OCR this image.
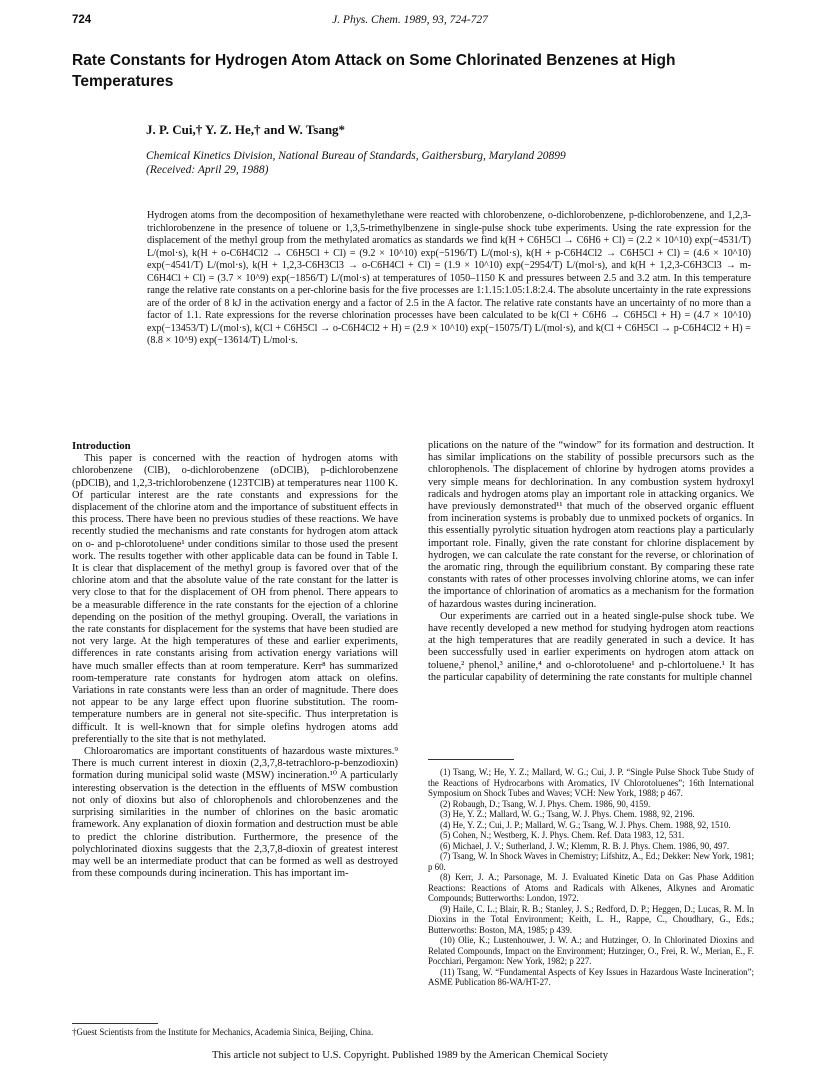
724	J. Phys. Chem. 1989, 93, 724-727
Rate Constants for Hydrogen Atom Attack on Some Chlorinated Benzenes at High Temperatures
J. P. Cui,† Y. Z. He,† and W. Tsang*
Chemical Kinetics Division, National Bureau of Standards, Gaithersburg, Maryland 20899
(Received: April 29, 1988)

Hydrogen atoms from the decomposition of hexamethylethane were reacted with chlorobenzene, o-dichlorobenzene, p-dichlorobenzene, and 1,2,3-trichlorobenzene in the presence of toluene or 1,3,5-trimethylbenzene in single-pulse shock tube experiments. Using the rate expression for the displacement of the methyl group from the methylated aromatics as standards we find k(H + C6H5Cl → C6H6 + Cl) = (2.2 × 10^10) exp(−4531/T) L/(mol·s), k(H + o-C6H4Cl2 → C6H5Cl + Cl) = (9.2 × 10^10) exp(−5196/T) L/(mol·s), k(H + p-C6H4Cl2 → C6H5Cl + Cl) = (4.6 × 10^10) exp(−4541/T) L/(mol·s), k(H + 1,2,3-C6H3Cl3 → o-C6H4Cl + Cl) = (1.9 × 10^10) exp(−2954/T) L/(mol·s), and k(H + 1,2,3-C6H3Cl3 → m-C6H4Cl + Cl) = (3.7 × 10^9) exp(−1856/T) L/(mol·s) at temperatures of 1050–1150 K and pressures between 2.5 and 3.2 atm. In this temperature range the relative rate constants on a per-chlorine basis for the five processes are 1:1.15:1.05:1.8:2.4. The absolute uncertainty in the rate expressions are of the order of 8 kJ in the activation energy and a factor of 2.5 in the A factor. The relative rate constants have an uncertainty of no more than a factor of 1.1. Rate expressions for the reverse chlorination processes have been calculated to be k(Cl + C6H6 → C6H5Cl + H) = (4.7 × 10^10) exp(−13453/T) L/(mol·s), k(Cl + C6H5Cl → o-C6H4Cl2 + H) = (2.9 × 10^10) exp(−15075/T) L/(mol·s), and k(Cl + C6H5Cl → p-C6H4Cl2 + H) = (8.8 × 10^9) exp(−13614/T) L/mol·s.

Introduction

This paper is concerned with the reaction of hydrogen atoms with chlorobenzene (ClB), o-dichlorobenzene (oDClB), p-dichlorobenzene (pDClB), and 1,2,3-trichlorobenzene (123TClB) at temperatures near 1100 K. Of particular interest are the rate constants and expressions for the displacement of the chlorine atom and the importance of substituent effects in this process. There have been no previous studies of these reactions. We have recently studied the mechanisms and rate constants for hydrogen atom attack on o- and p-chlorotoluene¹ under conditions similar to those used the present work. The results together with other applicable data can be found in Table I. It is clear that displacement of the methyl group is favored over that of the chlorine atom and that the absolute value of the rate constant for the latter is very close to that for the displacement of OH from phenol. There appears to be a measurable difference in the rate constants for the ejection of a chlorine depending on the position of the methyl grouping. Overall, the variations in the rate constants for displacement for the systems that have been studied are not very large. At the high temperatures of these and earlier experiments, differences in rate constants arising from activation energy variations will have much smaller effects than at room temperature. Kerr⁸ has summarized room-temperature rate constants for hydrogen atom attack on olefins. Variations in rate constants were less than an order of magnitude. There does not appear to be any large effect upon fluorine substitution. The room-temperature numbers are in general not site-specific. Thus interpretation is difficult. It is well-known that for simple olefins hydrogen atoms add preferentially to the site that is not methylated.

Chloroaromatics are important constituents of hazardous waste mixtures.⁹ There is much current interest in dioxin (2,3,7,8-tetrachloro-p-benzodioxin) formation during municipal solid waste (MSW) incineration.¹⁰ A particularly interesting observation is the detection in the effluents of MSW combustion not only of dioxins but also of chlorophenols and chlorobenzenes and the surprising similarities in the number of chlorines on the basic aromatic framework. Any explanation of dioxin formation and destruction must be able to predict the chlorine distribution. Furthermore, the presence of the polychlorinated dioxins suggests that the 2,3,7,8-dioxin of greatest interest may well be an intermediate product that can be formed as well as destroyed from these compounds during incineration. This has important im-

plications on the nature of the “window” for its formation and destruction. It has similar implications on the stability of possible precursors such as the chlorophenols. The displacement of chlorine by hydrogen atoms provides a very simple means for dechlorination. In any combustion system hydroxyl radicals and hydrogen atoms play an important role in attacking organics. We have previously demonstrated¹¹ that much of the observed organic effluent from incineration systems is probably due to unmixed pockets of organics. In this essentially pyrolytic situation hydrogen atom reactions play a particularly important role. Finally, given the rate constant for chlorine displacement by hydrogen, we can calculate the rate constant for the reverse, or chlorination of the aromatic ring, through the equilibrium constant. By comparing these rate constants with rates of other processes involving chlorine atoms, we can infer the importance of chlorination of aromatics as a mechanism for the formation of hazardous wastes during incineration.

Our experiments are carried out in a heated single-pulse shock tube. We have recently developed a new method for studying hydrogen atom reactions at the high temperatures that are readily generated in such a device. It has been successfully used in earlier experiments on hydrogen atom attack on toluene,² phenol,³ aniline,⁴ and o-chlorotoluene¹ and p-chlortoluene.¹ It has the particular capability of determining the rate constants for multiple channel

(1) Tsang, W.; He, Y. Z.; Mallard, W. G.; Cui, J. P. “Single Pulse Shock Tube Study of the Reactions of Hydrocarbons with Aromatics, IV Chlorotoluenes”; 16th International Symposium on Shock Tubes and Waves; VCH: New York, 1988; p 467.
(2) Robaugh, D.; Tsang, W. J. Phys. Chem. 1986, 90, 4159.
(3) He, Y. Z.; Mallard, W. G.; Tsang, W. J. Phys. Chem. 1988, 92, 2196.
(4) He, Y. Z.; Cui, J. P.; Mallard, W. G.; Tsang, W. J. Phys. Chem. 1988, 92, 1510.
(5) Cohen, N.; Westberg, K. J. Phys. Chem. Ref. Data 1983, 12, 531.
(6) Michael, J. V.; Sutherland, J. W.; Klemm, R. B. J. Phys. Chem. 1986, 90, 497.
(7) Tsang, W. In Shock Waves in Chemistry; Lifshitz, A., Ed.; Dekker: New York, 1981; p 60.
(8) Kerr, J. A.; Parsonage, M. J. Evaluated Kinetic Data on Gas Phase Addition Reactions: Reactions of Atoms and Radicals with Alkenes, Alkynes and Aromatic Compounds; Butterworths: London, 1972.
(9) Haile, C. L.; Blair, R. B.; Stanley, J. S.; Redford, D. P.; Heggen, D.; Lucas, R. M. In Dioxins in the Total Environment; Keith, L. H., Rappe, C., Choudhary, G., Eds.; Butterworths: Boston, MA, 1985; p 439.
(10) Olie, K.; Lustenhouwer, J. W. A.; and Hutzinger, O. In Chlorinated Dioxins and Related Compounds, Impact on the Environment; Hutzinger, O., Frei, R. W., Merian, E., F. Pocchiari, Pergamon: New York, 1982; p 227.
(11) Tsang, W. “Fundamental Aspects of Key Issues in Hazardous Waste Incineration”; ASME Publication 86-WA/HT-27.
†Guest Scientists from the Institute for Mechanics, Academia Sinica, Beijing, China.
This article not subject to U.S. Copyright. Published 1989 by the American Chemical Society
